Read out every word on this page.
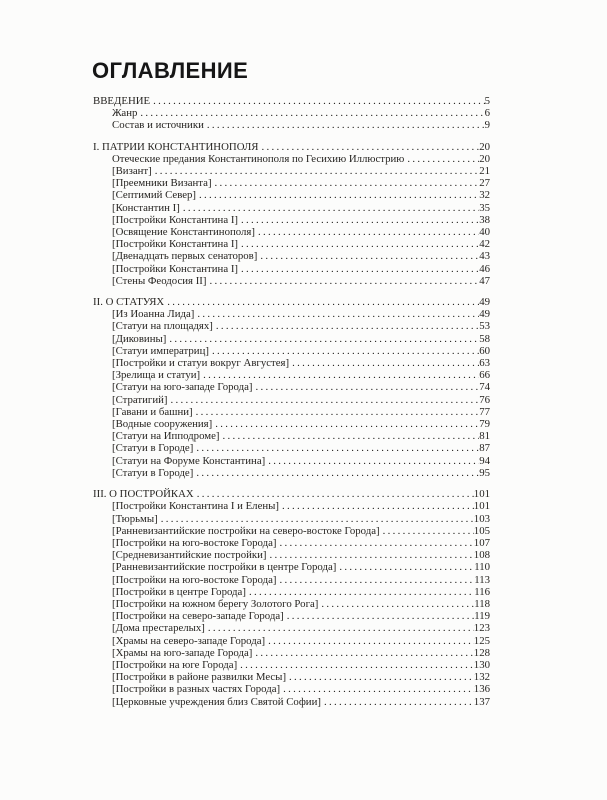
ОГЛАВЛЕНИЕ
ВВЕДЕНИЕ .....	5
Жанр .....	6
Состав и источники .....	9
I. ПАТРИИ КОНСТАНТИНОПОЛЯ .....	20
Отеческие предания Константинополя по Гесихию Иллюстрию .....	20
[Визант] .....	21
[Преемники Византа] .....	27
[Септимий Север] .....	32
[Константин I] .....	35
[Постройки Константина I] .....	38
[Освящение Константинополя] .....	40
[Постройки Константина I] .....	42
[Двенадцать первых сенаторов] .....	43
[Постройки Константина I] .....	46
[Стены Феодосия II] .....	47
II. О СТАТУЯХ .....	49
[Из Иоанна Лида] .....	49
[Статуи на площадях] .....	53
[Диковины] .....	58
[Статуи императриц] .....	60
[Постройки и статуи вокруг Августея] .....	63
[Зрелища и статуи] .....	66
[Статуи на юго-западе Города] .....	74
[Стратигий] .....	76
[Гавани и башни] .....	77
[Водные сооружения] .....	79
[Статуи на Ипподроме] .....	81
[Статуи в Городе] .....	87
[Статуи на Форуме Константина] .....	94
[Статуи в Городе] .....	95
III. О ПОСТРОЙКАХ .....	101
[Постройки Константина I и Елены] .....	101
[Тюрьмы] .....	103
[Ранневизантийские постройки на северо-востоке Города] .....	105
[Постройки на юго-востоке Города] .....	107
[Средневизантийские постройки] .....	108
[Ранневизантийские постройки в центре Города] .....	110
[Постройки на юго-востоке Города] .....	113
[Постройки в центре Города] .....	116
[Постройки на южном берегу Золотого Рога] .....	118
[Постройки на северо-западе Города] .....	119
[Дома престарелых] .....	123
[Храмы на северо-западе Города] .....	125
[Храмы на юго-западе Города] .....	128
[Постройки на юге Города] .....	130
[Постройки в районе развилки Месы] .....	132
[Постройки в разных частях Города] .....	136
[Церковные учреждения близ Святой Софии] .....	137
